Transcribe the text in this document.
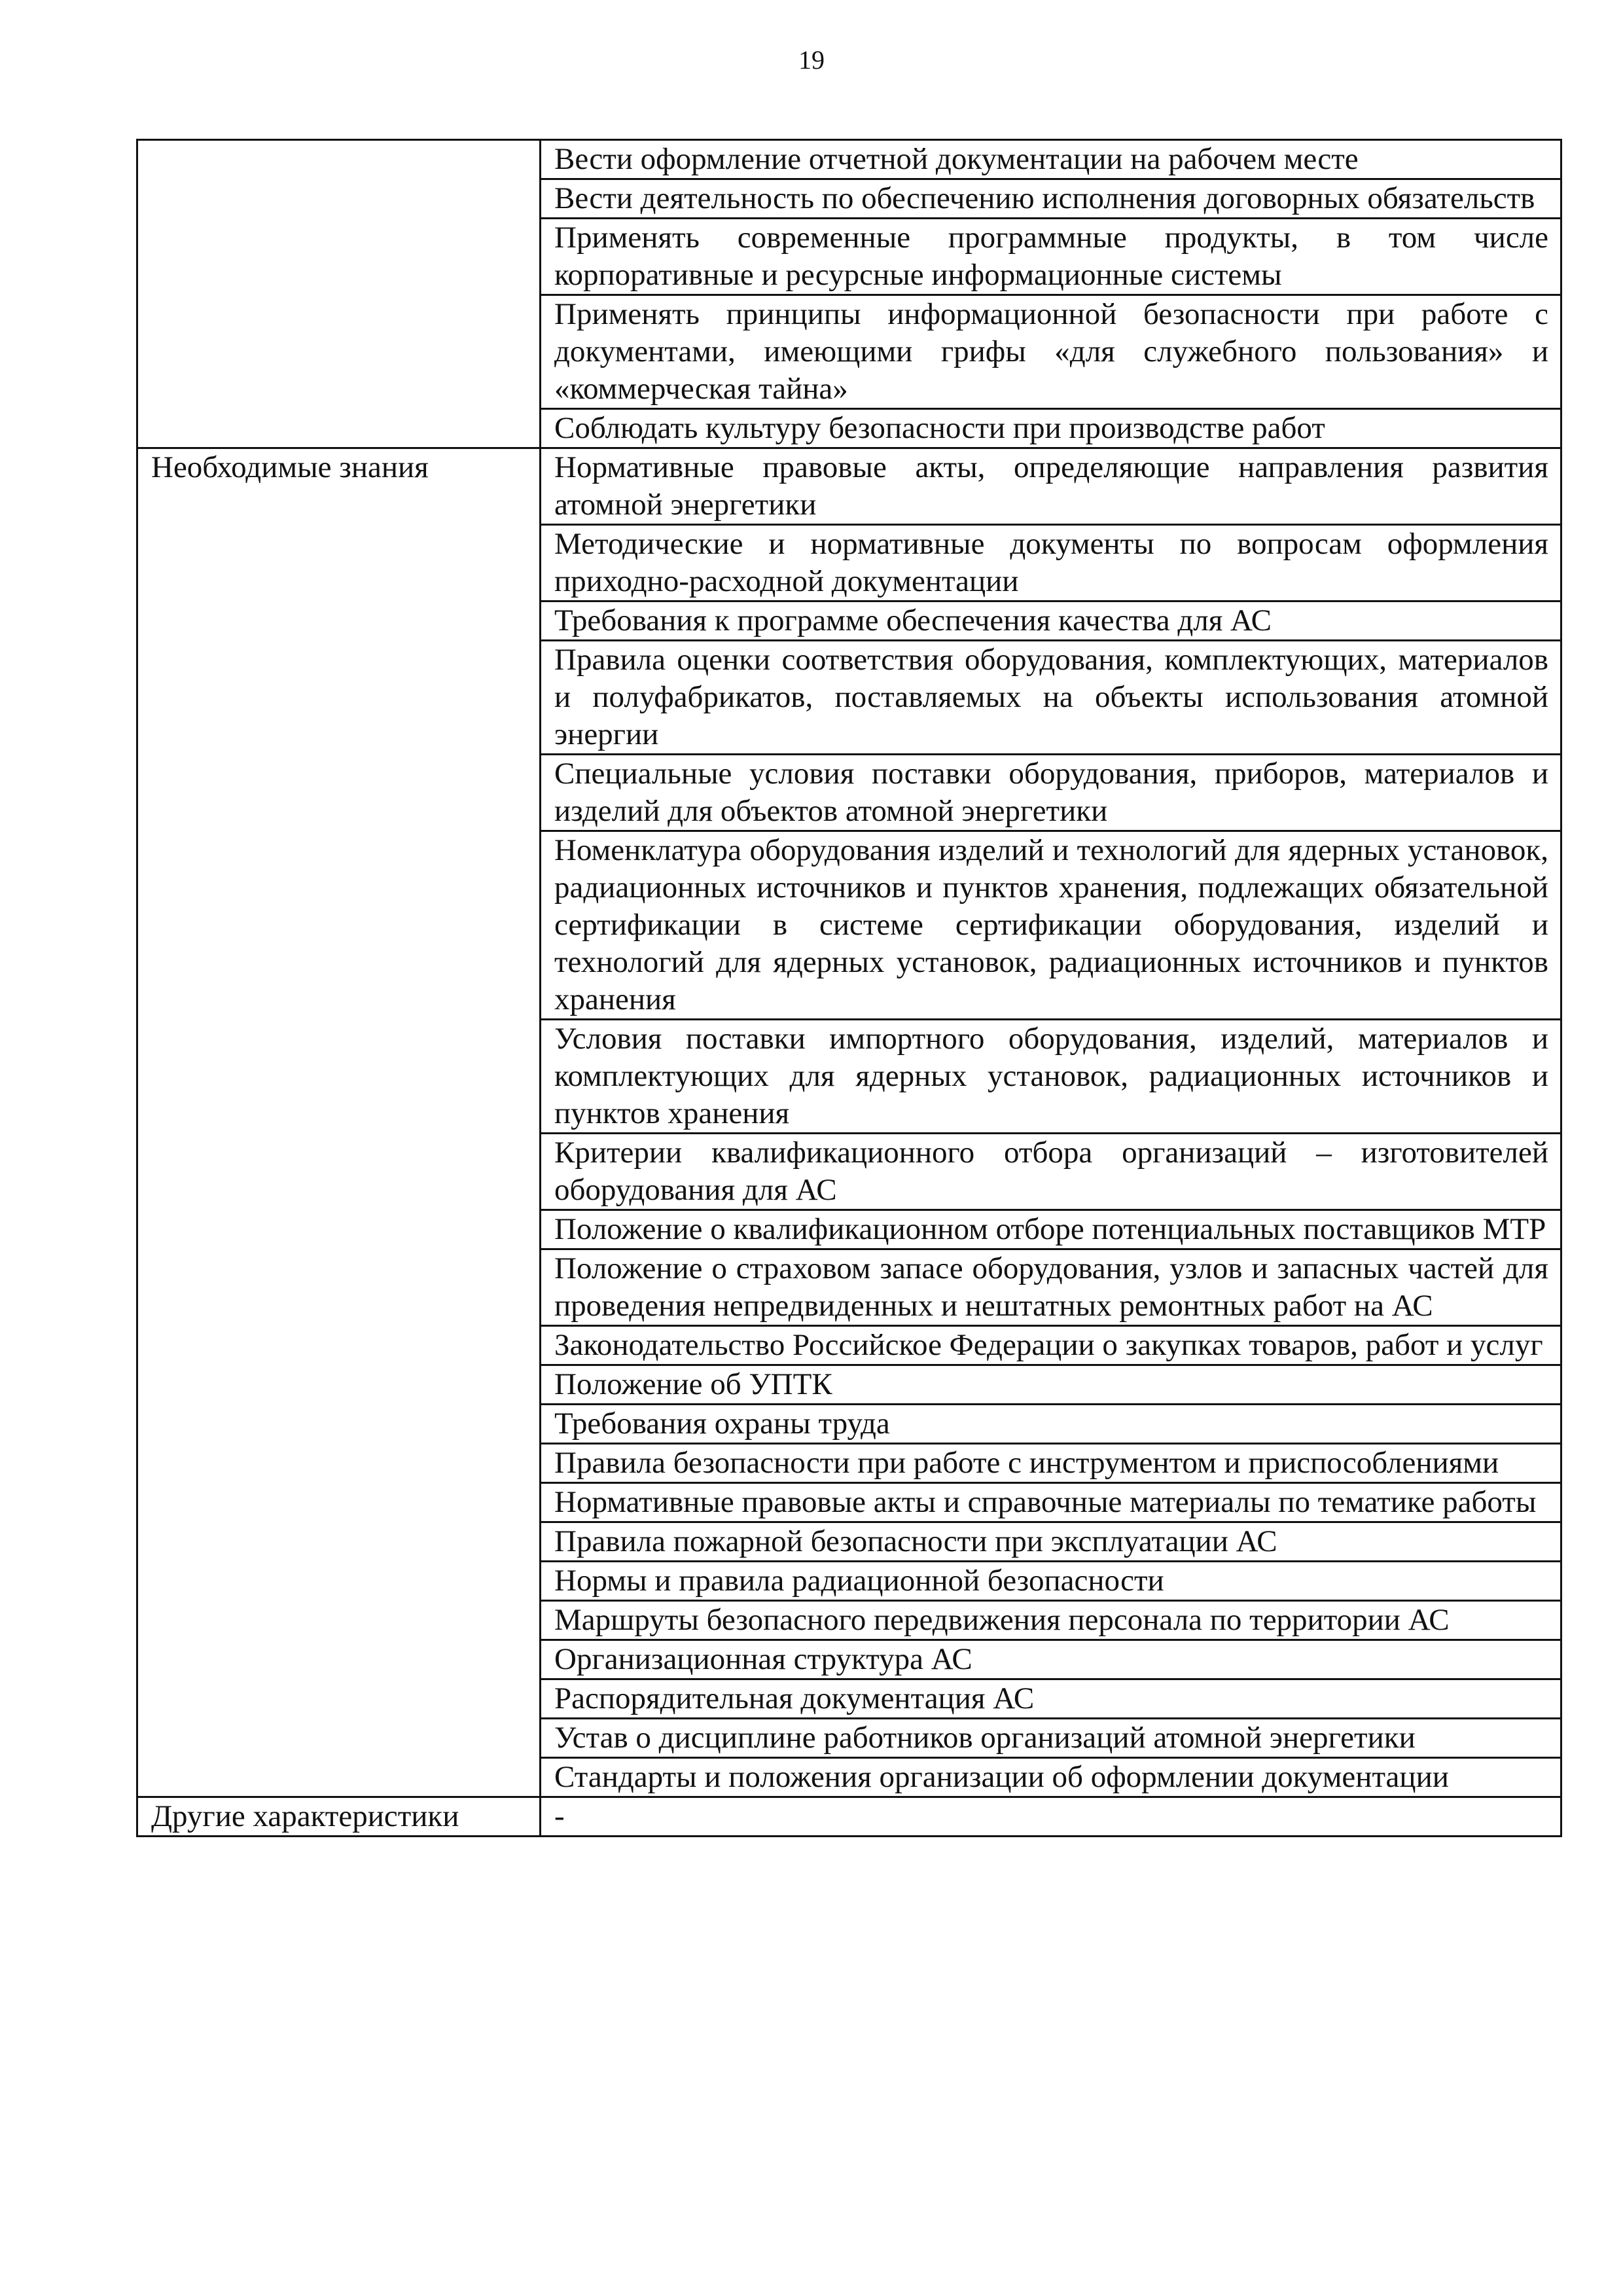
19
	Вести оформление отчетной документации на рабочем месте
	Вести деятельность по обеспечению исполнения договорных обязательств
	Применять современные программные продукты, в том числе корпоративные и ресурсные информационные системы
	Применять принципы информационной безопасности при работе с документами, имеющими грифы «для служебного пользования» и «коммерческая тайна»
	Соблюдать культуру безопасности при производстве работ
Необходимые знания	Нормативные правовые акты, определяющие направления развития атомной энергетики
	Методические и нормативные документы по вопросам оформления приходно-расходной документации
	Требования к программе обеспечения качества для АС
	Правила оценки соответствия оборудования, комплектующих, материалов и полуфабрикатов, поставляемых на объекты использования атомной энергии
	Специальные условия поставки оборудования, приборов, материалов и изделий для объектов атомной энергетики
	Номенклатура оборудования изделий и технологий для ядерных установок, радиационных источников и пунктов хранения, подлежащих обязательной сертификации в системе сертификации оборудования, изделий и технологий для ядерных установок, радиационных источников и пунктов хранения
	Условия поставки импортного оборудования, изделий, материалов и комплектующих для ядерных установок, радиационных источников и пунктов хранения
	Критерии квалификационного отбора организаций – изготовителей оборудования для АС
	Положение о квалификационном отборе потенциальных поставщиков МТР
	Положение о страховом запасе оборудования, узлов и запасных частей для проведения непредвиденных и нештатных ремонтных работ на АС
	Законодательство Российское Федерации о закупках товаров, работ и услуг
	Положение об УПТК
	Требования охраны труда
	Правила безопасности при работе с инструментом и приспособлениями
	Нормативные правовые акты и справочные материалы по тематике работы
	Правила пожарной безопасности при эксплуатации АС
	Нормы и правила радиационной безопасности
	Маршруты безопасного передвижения персонала по территории АС
	Организационная структура АС
	Распорядительная документация АС
	Устав о дисциплине работников организаций атомной энергетики
	Стандарты и положения организации об оформлении документации
Другие характеристики	-
